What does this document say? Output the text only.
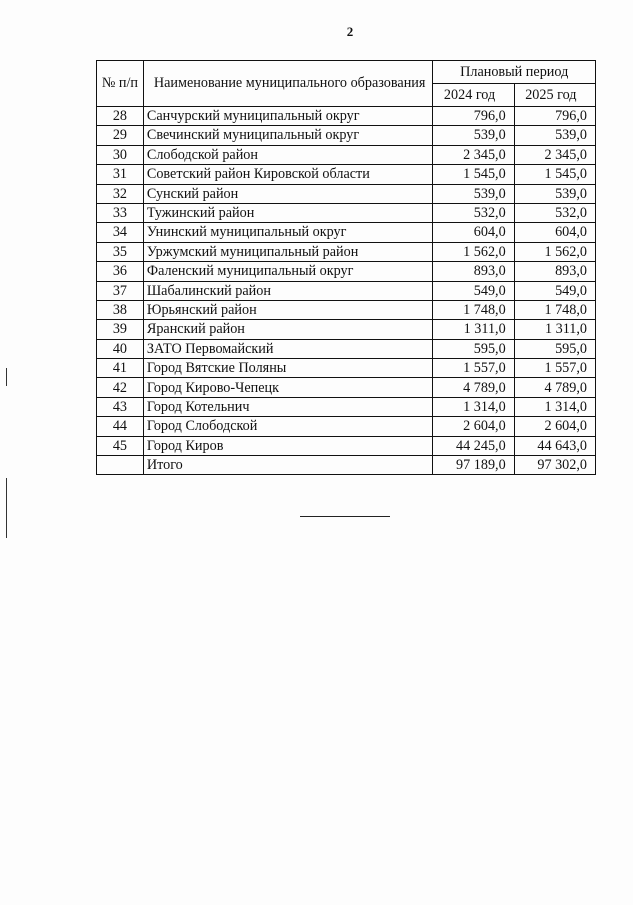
2
№ п/п	Наименование муниципального образования	Плановый период	
		2024 год	2025 год
28	Санчурский муниципальный округ	796,0	796,0
29	Свечинский муниципальный округ	539,0	539,0
30	Слободской район	2 345,0	2 345,0
31	Советский район Кировской области	1 545,0	1 545,0
32	Сунский район	539,0	539,0
33	Тужинский район	532,0	532,0
34	Унинский муниципальный округ	604,0	604,0
35	Уржумский муниципальный район	1 562,0	1 562,0
36	Фаленский муниципальный округ	893,0	893,0
37	Шабалинский район	549,0	549,0
38	Юрьянский район	1 748,0	1 748,0
39	Яранский район	1 311,0	1 311,0
40	ЗАТО Первомайский	595,0	595,0
41	Город Вятские Поляны	1 557,0	1 557,0
42	Город Кирово-Чепецк	4 789,0	4 789,0
43	Город Котельнич	1 314,0	1 314,0
44	Город Слободской	2 604,0	2 604,0
45	Город Киров	44 245,0	44 643,0
	Итого	97 189,0	97 302,0
